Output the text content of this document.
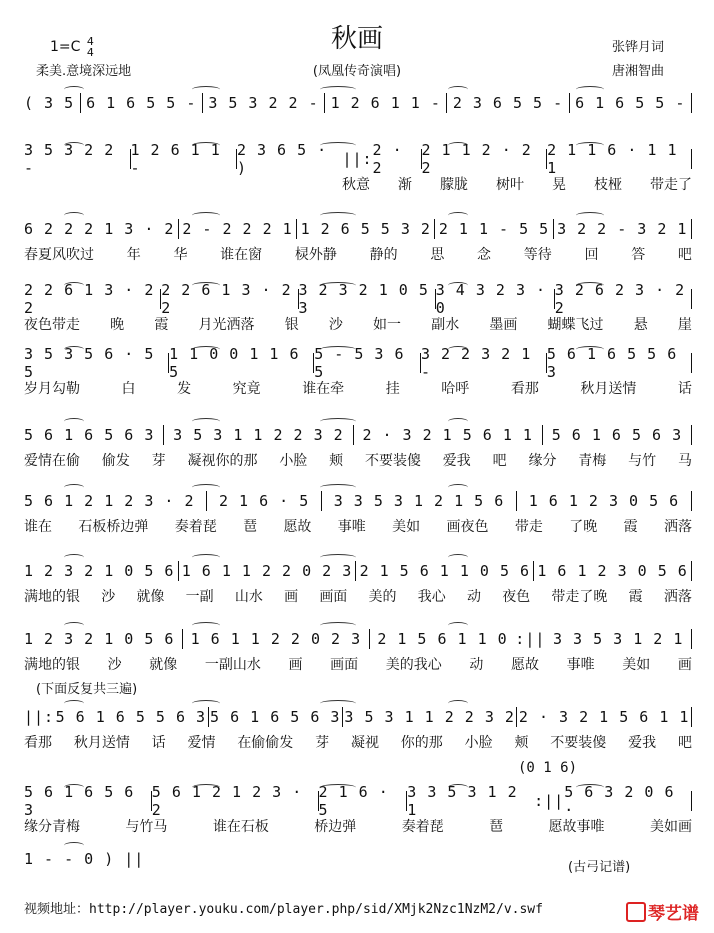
1=C 4
4	秋画
柔美.意境深远地	(凤凰传奇演唱)
张铧月词
唐湘智曲
( 3 5 6 1 6 5 5 - 3 5 3 2 2 - 1 2 6 1 1 - 2 3 6 5 5 - 6 1 6 5 5 -
3 5 3 2 2 -
1 2 6 1 1 -
2 3 6 5 · )	||: 2 · 2
2 1 1 2 · 2 2
2 1 1 6 · 1 1 1
秋意 渐 朦胧 树叶 晃 枝桠 带走了
6 2 2 2 1 3 · 2 2 - 2 2 2 1 1 2 6 5 5 3 2 2 1 1 - 5 5 3 2 2 - 3 2 1
春夏风吹过 年 华 谁在窗 棂外静 静的 思 念 等待 回 答 吧
2 2 6 1 3 · 2 2
2 2 6 1 3 · 2 2
3 2 3 2 1 0 5 3
3 4 3 2 3 · 0
3 2 6 2 3 · 2 2
夜色带走 晚 霞 月光洒落 银 沙 如一 副水 墨画 蝴蝶飞过 悬 崖
3 5 3 5 6 · 5 5
1 1 0 0 1 1 6 5
5 - 5 3 6 5
3 2 2 3 2 1 -
5 6 1 6 5 5 6 3
岁月勾勒	白	发	究竟	谁在牵	挂	哈呼	看那	秋月送情	话
5 6 1 6 5 6 3 3 5 3 1 1 2 2 3 2 2 · 3 2 1 5 6 1 1 5 6 1 6 5 6 3
爱情在偷 偷发 芽 凝视你的那 小脸 颊 不要装傻 爱我 吧 缘分 青梅 与竹 马
5 6 1 2 1 2 3 · 2 2 1 6 · 5 3 3 5 3 1 2 1 5 6 1 6 1 2 3 0 5 6
谁在 石板桥边弹 奏着琵 琶 愿故 事唯 美如 画夜色 带走 了晚 霞 洒落
1 2 3 2 1 0 5 6 1 6 1 1 2 2 0 2 3 2 1 5 6 1 1 0 5 6 1 6 1 2 3 0 5 6
满地的银 沙 就像 一副 山水 画 画面 美的 我心 动 夜色 带走了晚 霞 洒落
1 2 3 2 1 0 5 6 1 6 1 1 2 2 0 2 3 2 1 5 6 1 1 0 :|| 3 3 5 3 1 2 1
满地的银 沙 就像 一副山水 画 画面 美的我心 动 愿故 事唯 美如 画
(下面反复共三遍)
||: 5 6 1 6 5 5 6 3 5 6 1 6 5 6 3 3 5 3 1 1 2 2 3 2 2 · 3 2 1 5 6 1 1
看那 秋月送情 话 爱情 在偷偷发 芽 凝视 你的那 小脸 颊 不要装傻 爱我 吧
(0 1 6)
5 6 1 6 5 6 3
5 6 1 2 1 2 3 · 2
2 1 6 · 5
3 3 5 3 1 2 1	:|| 5 6 3 2 0 6 ·
缘分青梅	与竹马	谁在石板	桥边弹	奏着琵	琶	愿故事唯	美如画
1 - - 0 ) ||	(古弓记谱)
视频地址：http://player.youku.com/player.php/sid/XMjk2Nzc1NzM2/v.swf	琴艺谱
